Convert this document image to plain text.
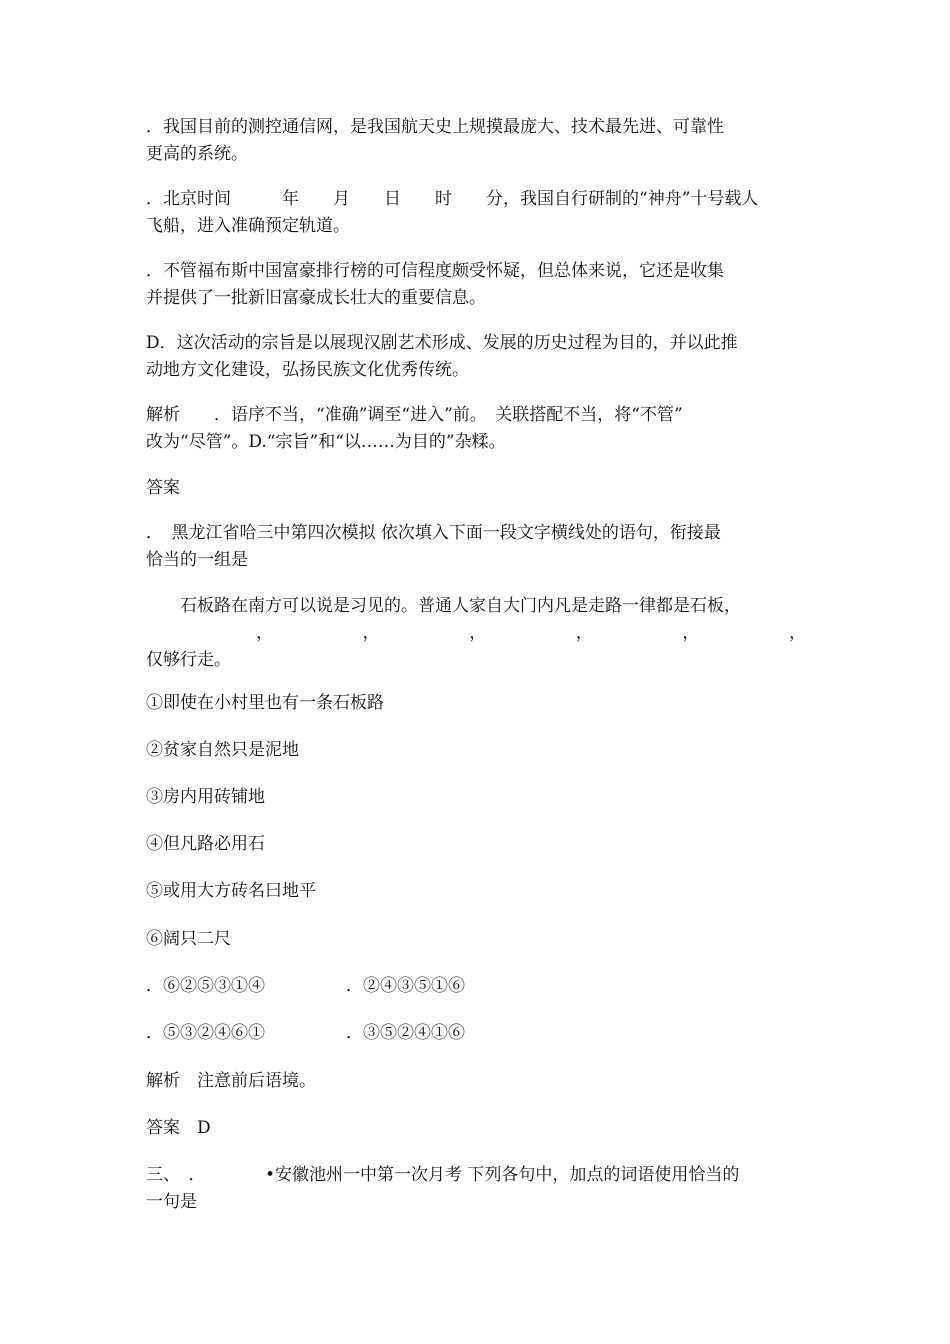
．我国目前的测控通信网，是我国航天史上规摸最庞大、技术最先进、可靠性
更高的系统。
．北京时间　　　年　　月　　日　　时　　分，我国自行研制的“神舟”十号载人
飞船，进入准确预定轨道。
．不管福布斯中国富豪排行榜的可信程度颇受怀疑，但总体来说，它还是收集
并提供了一批新旧富豪成长壮大的重要信息。
D．这次活动的宗旨是以展现汉剧艺术形成、发展的历史过程为目的，并以此推
动地方文化建设，弘扬民族文化优秀传统。
解析　　．语序不当，“准确”调至“进入”前。　关联搭配不当，将“不管”
改为“尽管”。D.“宗旨”和“以……为目的”杂糅。
答案
．　黑龙江省哈三中第四次模拟 依次填入下面一段文字横线处的语句，衔接最
恰当的一组是
　　石板路在南方可以说是习见的。普通人家自大门内凡是走路一律都是石板，
，	，	，	，	，	，
仅够行走。
①即使在小村里也有一条石板路
②贫家自然只是泥地
③房内用砖铺地
④但凡路必用石
⑤或用大方砖名曰地平
⑥阔只二尺
．⑥②⑤③①④	．②④③⑤①⑥
．⑤③②④⑥①	．③⑤②④①⑥
解析　注意前后语境。
答案　D
三、　．　　　　•安徽池州一中第一次月考 下列各句中，加点的词语使用恰当的
一句是
